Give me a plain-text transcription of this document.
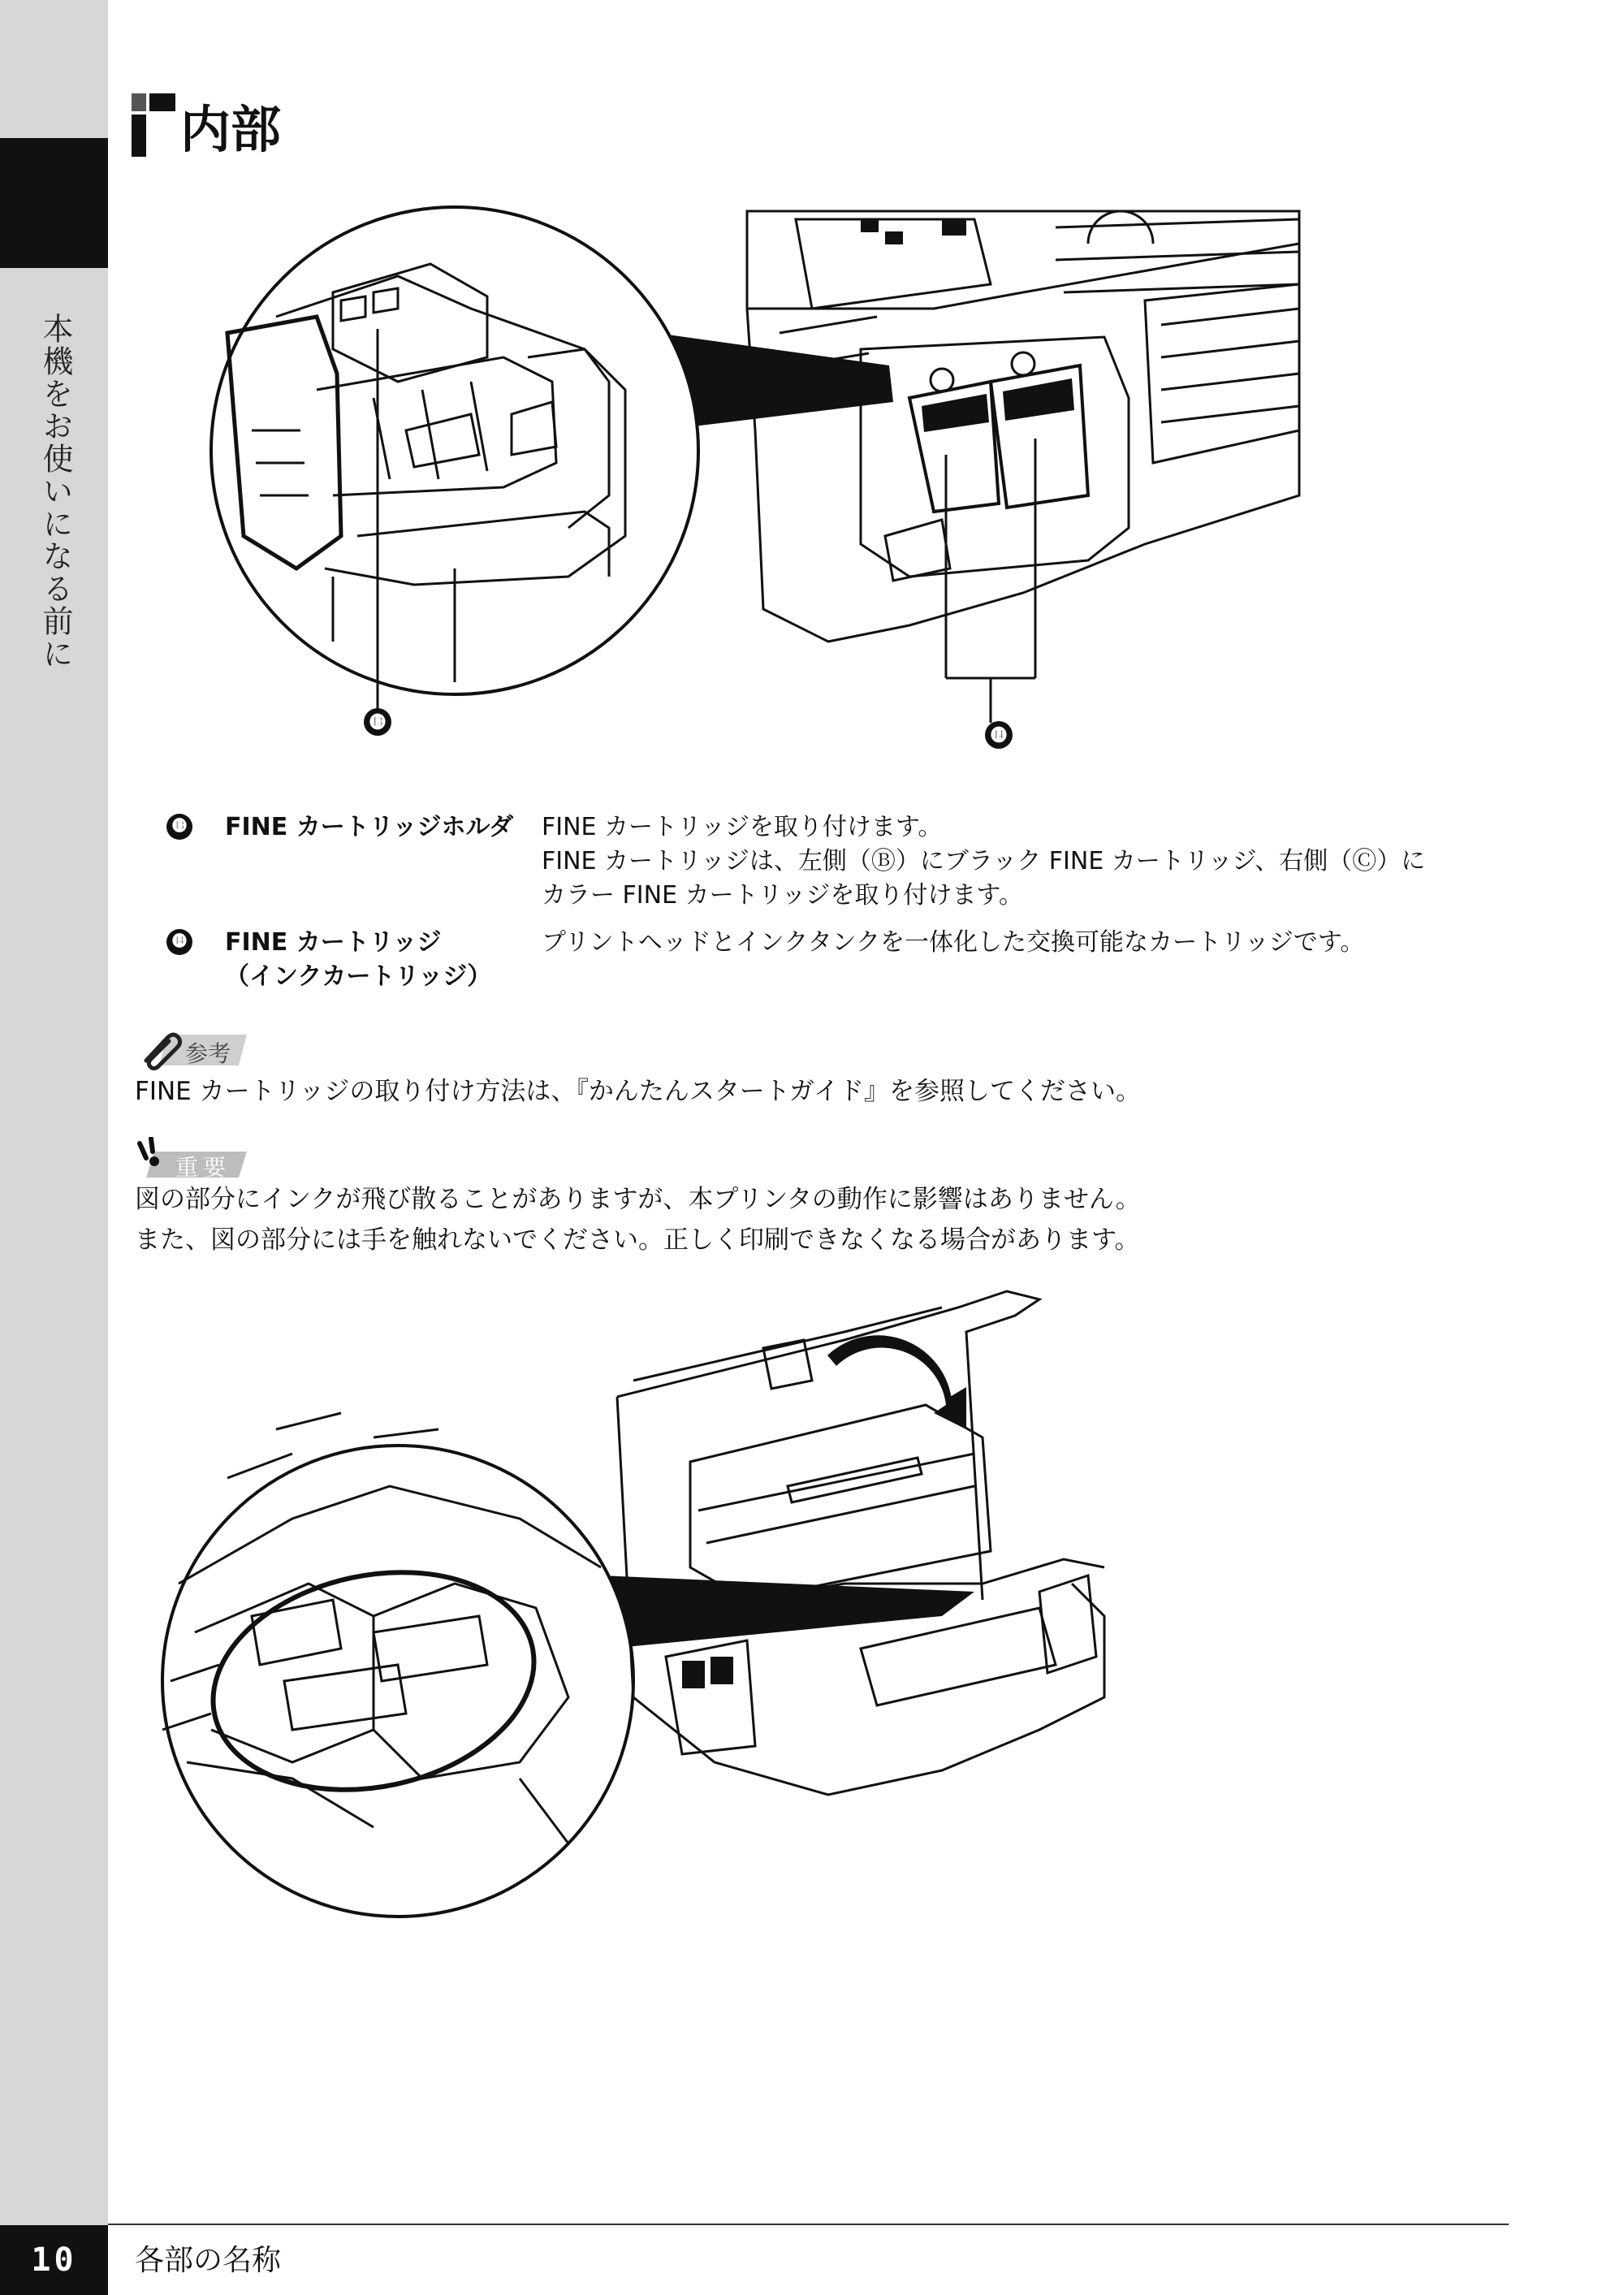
本機をお使いになる前に
内部
⓭
⓮
⓭ FINE カートリッジホルダ	FINE カートリッジを取り付けます。
FINE カートリッジは、左側（Ⓑ）にブラック FINE カートリッジ、右側（Ⓒ）に
カラー FINE カートリッジを取り付けます。
⓮ FINE カートリッジ
（インクカートリッジ）
プリントヘッドとインクタンクを一体化した交換可能なカートリッジです。
参考
FINE カートリッジの取り付け方法は、『かんたんスタートガイド』を参照してください。
重要
図の部分にインクが飛び散ることがありますが、本プリンタの動作に影響はありません。
また、図の部分には手を触れないでください。正しく印刷できなくなる場合があります。
10	各部の名称
